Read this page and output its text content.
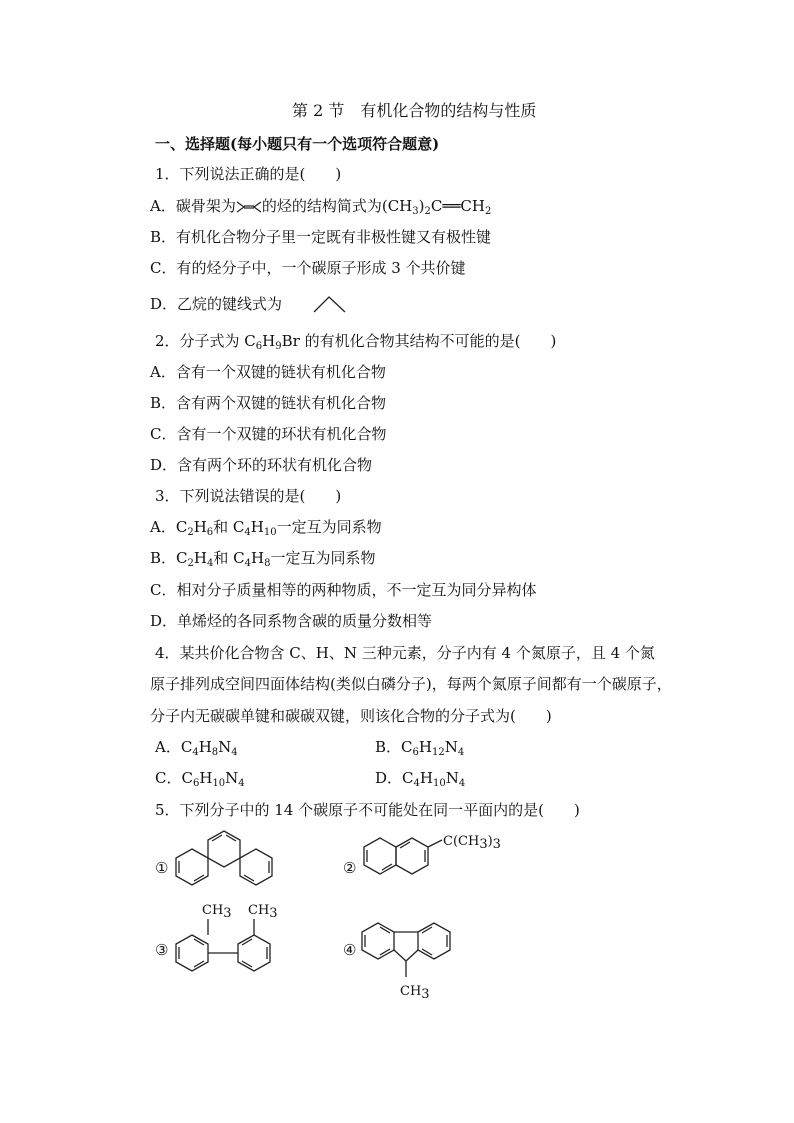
第 2 节　有机化合物的结构与性质
一、选择题(每小题只有一个选项符合题意)
1．下列说法正确的是(　　)
A．碳骨架为 的烃的结构简式为$(CH_3)_2C══CH_2$
B．有机化合物分子里一定既有非极性键又有极性键
C．有的烃分子中，一个碳原子形成 3 个共价键
D．乙烷的键线式为
2．分子式为 $C_6H_9Br$ 的有机化合物其结构不可能的是(　　)
A．含有一个双键的链状有机化合物
B．含有两个双键的链状有机化合物
C．含有一个双键的环状有机化合物
D．含有两个环的环状有机化合物
3．下列说法错误的是(　　)
A．$C_2H_6$和 $C_4H_{10}$一定互为同系物
B．$C_2H_4$和 $C_4H_8$一定互为同系物
C．相对分子质量相等的两种物质，不一定互为同分异构体
D．单烯烃的各同系物含碳的质量分数相等
4．某共价化合物含 C、H、N 三种元素，分子内有 4 个氮原子，且 4 个氮
原子排列成空间四面体结构(类似白磷分子)，每两个氮原子间都有一个碳原子，
分子内无碳碳单键和碳碳双键，则该化合物的分子式为(　　)
A．$C_4H_8N_4$	B．$C_6H_{12}N_4$
C．$C_6H_{10}N_4$	D．$C_4H_{10}N_4$
5．下列分子中的 14 个碳原子不可能处在同一平面内的是(　　)
①	②
C(CH3)3
③
CH3 CH3
④
CH3
